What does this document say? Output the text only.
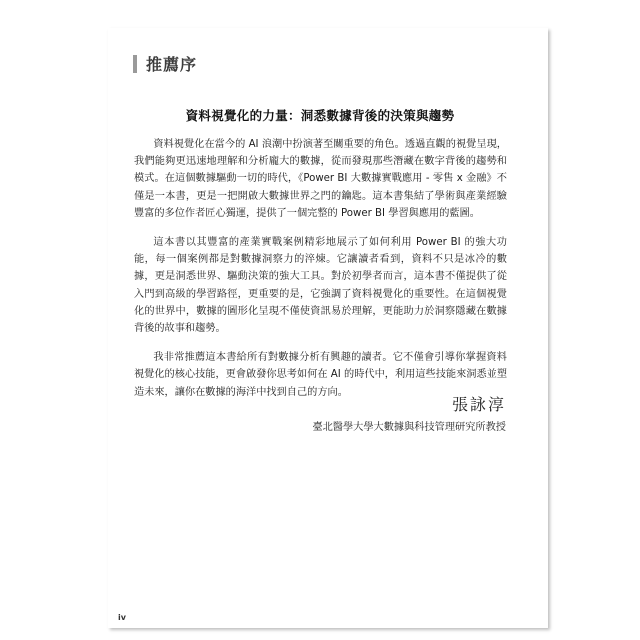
推薦序
資料視覺化的力量：洞悉數據背後的決策與趨勢

資料視覺化在當今的 AI 浪潮中扮演著至關重要的角色。透過直觀的視覺呈現，我們能夠更迅速地理解和分析龐大的數據，從而發現那些潛藏在數字背後的趨勢和模式。在這個數據驅動一切的時代，《Power BI 大數據實戰應用 - 零售 x 金融》不僅是一本書，更是一把開啟大數據世界之門的鑰匙。這本書集結了學術與產業經驗豐富的多位作者匠心獨運，提供了一個完整的 Power BI 學習與應用的藍圖。

這本書以其豐富的產業實戰案例精彩地展示了如何利用 Power BI 的強大功能，每一個案例都是對數據洞察力的淬煉。它讓讀者看到，資料不只是冰冷的數據，更是洞悉世界、驅動決策的強大工具。對於初學者而言，這本書不僅提供了從入門到高級的學習路徑，更重要的是，它強調了資料視覺化的重要性。在這個視覺化的世界中，數據的圖形化呈現不僅使資訊易於理解，更能助力於洞察隱藏在數據背後的故事和趨勢。

我非常推薦這本書給所有對數據分析有興趣的讀者。它不僅會引導你掌握資料視覺化的核心技能，更會啟發你思考如何在 AI 的時代中，利用這些技能來洞悉並塑造未來，讓你在數據的海洋中找到自己的方向。

張詠淳
臺北醫學大學大數據與科技管理研究所教授
iv
